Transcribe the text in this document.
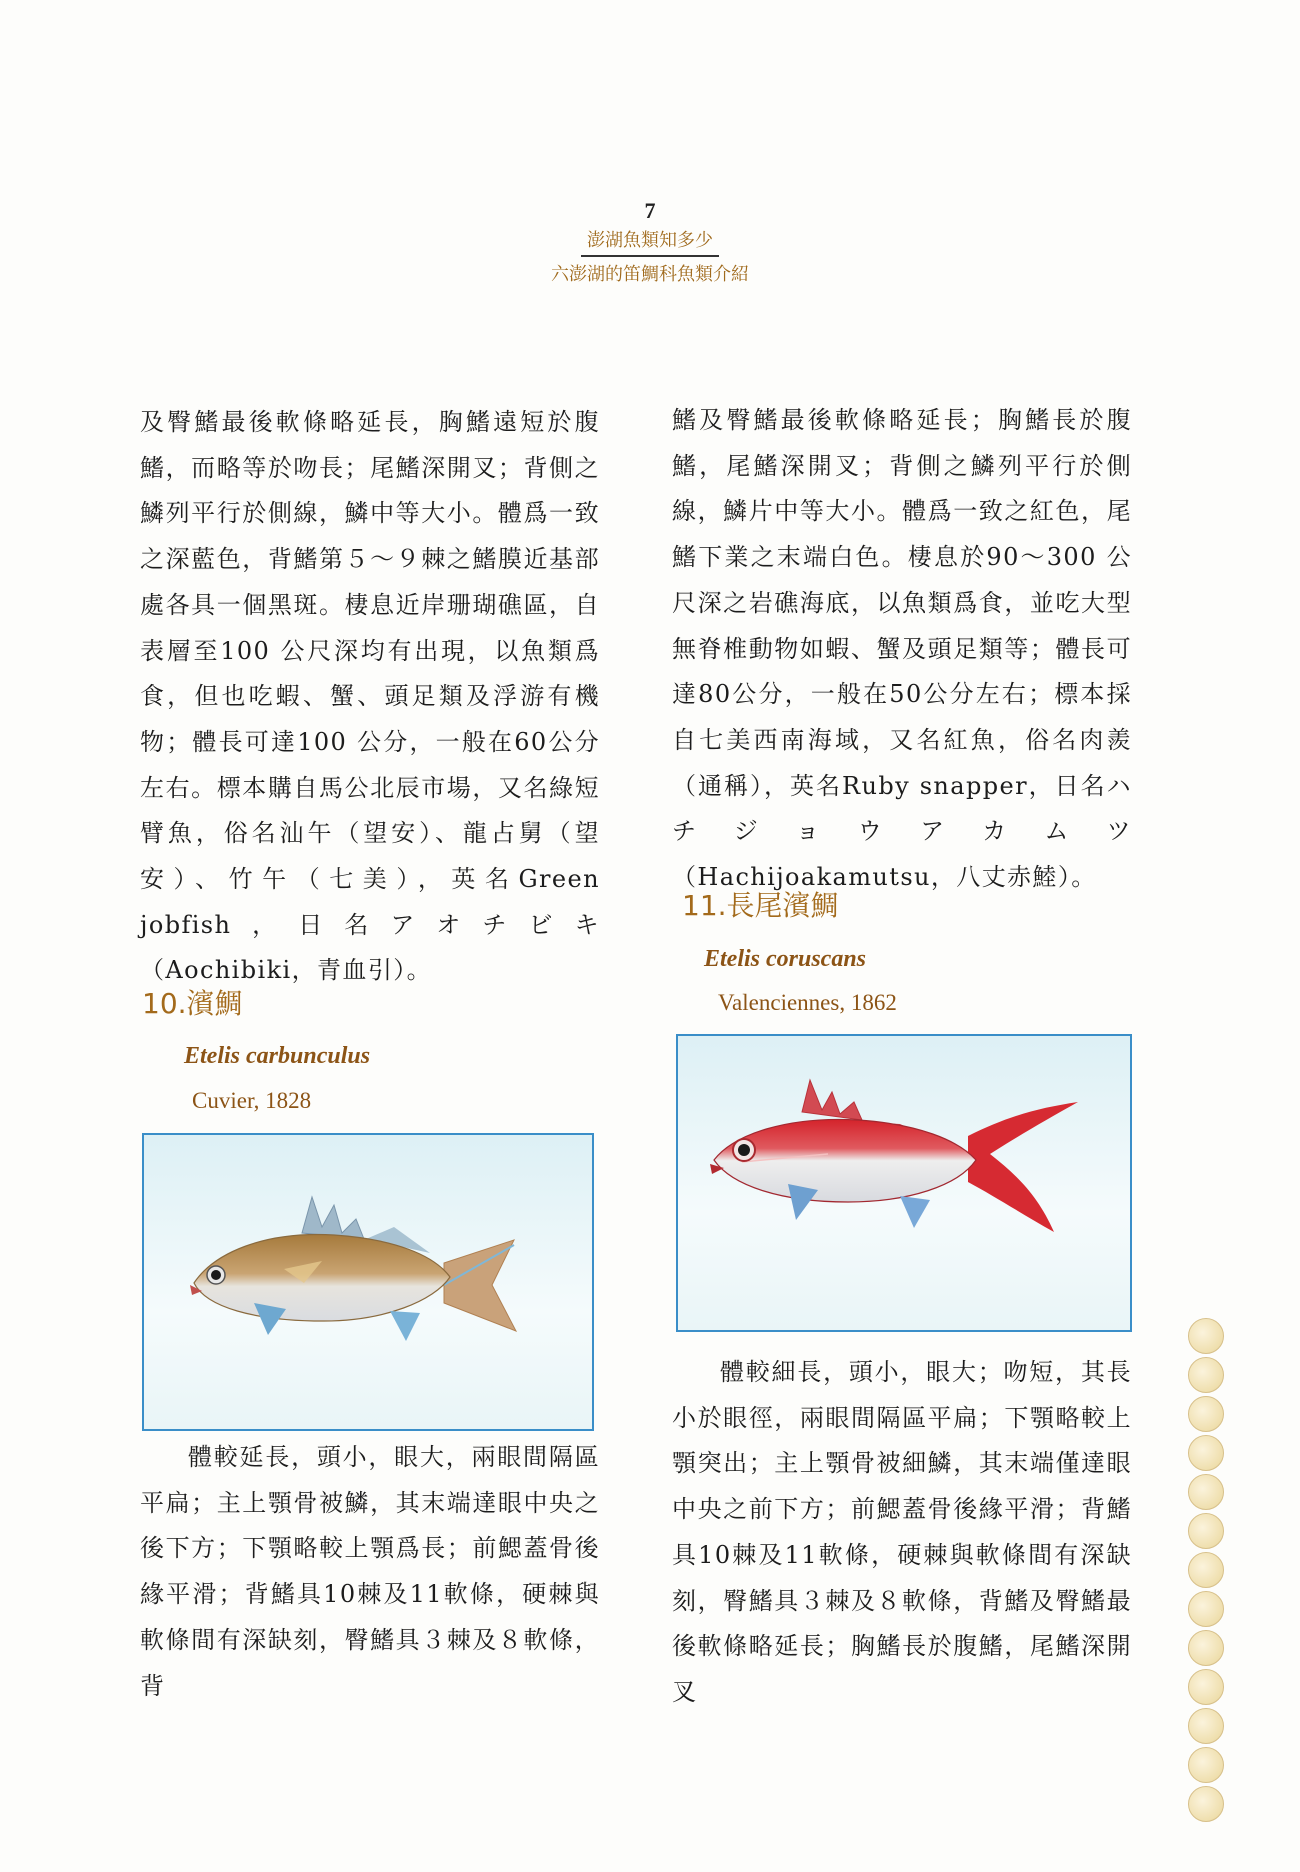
7
澎湖魚類知多少
六澎湖的笛鯛科魚類介紹

及臀鰭最後軟條略延長，胸鰭遠短於腹鰭，而略等於吻長；尾鰭深開叉；背側之鱗列平行於側線，鱗中等大小。體爲一致之深藍色，背鰭第５～９棘之鰭膜近基部處各具一個黑斑。棲息近岸珊瑚礁區，自表層至100 公尺深均有出現，以魚類爲食，但也吃蝦、蟹、頭足類及浮游有機物；體長可達100 公分，一般在60公分左右。標本購自馬公北辰市場，又名綠短臂魚，俗名汕午（望安）、龍占舅（望安）、竹午（七美），英名Green jobfish，日名アオチビキ（Aochibiki，青血引）。

10.濱鯛

Etelis carbunculus

Cuvier, 1828

體較延長，頭小，眼大，兩眼間隔區平扁；主上顎骨被鱗，其末端達眼中央之後下方；下顎略較上顎爲長；前鰓蓋骨後緣平滑；背鰭具10棘及11軟條，硬棘與軟條間有深缺刻，臀鰭具３棘及８軟條，背

鰭及臀鰭最後軟條略延長；胸鰭長於腹鰭，尾鰭深開叉；背側之鱗列平行於側線，鱗片中等大小。體爲一致之紅色，尾鰭下業之末端白色。棲息於90～300 公尺深之岩礁海底，以魚類爲食，並吃大型無脊椎動物如蝦、蟹及頭足類等；體長可達80公分，一般在50公分左右；標本採自七美西南海域，又名紅魚，俗名肉羨（通稱），英名Ruby snapper，日名ハチジョウアカムツ（Hachijoakamutsu，八丈赤鯥）。

11.長尾濱鯛

Etelis coruscans

Valenciennes, 1862

體較細長，頭小，眼大；吻短，其長小於眼徑，兩眼間隔區平扁；下顎略較上顎突出；主上顎骨被細鱗，其末端僅達眼中央之前下方；前鰓蓋骨後緣平滑；背鰭具10棘及11軟條，硬棘與軟條間有深缺刻，臀鰭具３棘及８軟條，背鰭及臀鰭最後軟條略延長；胸鰭長於腹鰭，尾鰭深開叉
